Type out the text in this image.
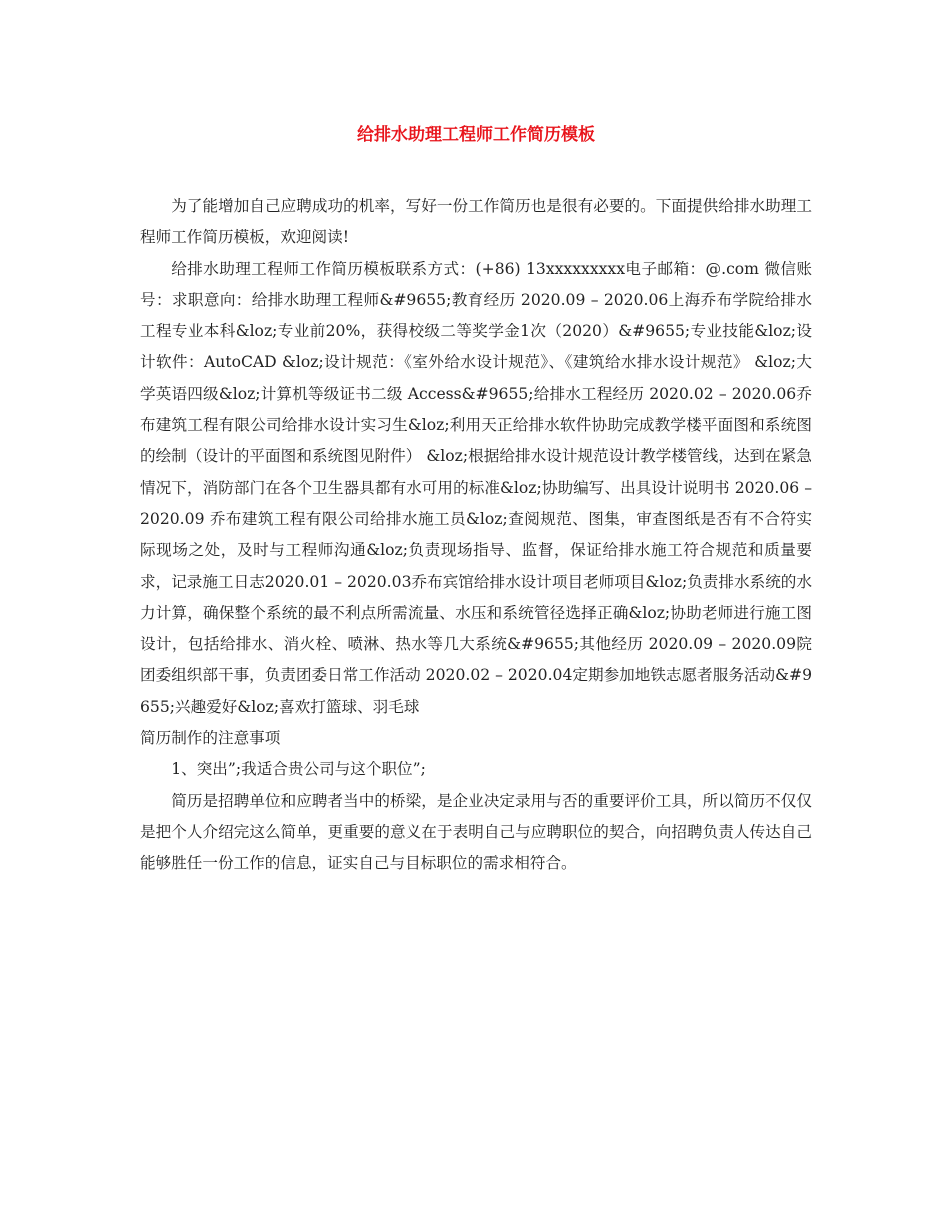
给排水助理工程师工作简历模板

为了能增加自己应聘成功的机率，写好一份工作简历也是很有必要的。下面提供给排水助理工程师工作简历模板，欢迎阅读!

给排水助理工程师工作简历模板联系方式：(+86) 13xxxxxxxxx电子邮箱：@.com 微信账号：求职意向：给排水助理工程师&#9655;教育经历 2020.09 – 2020.06上海乔布学院给排水工程专业本科&loz;专业前20%，获得校级二等奖学金1次（2020）&#9655;专业技能&loz;设计软件：AutoCAD &loz;设计规范：《室外给水设计规范》、《建筑给水排水设计规范》 &loz;大学英语四级&loz;计算机等级证书二级 Access&#9655;给排水工程经历 2020.02 – 2020.06乔布建筑工程有限公司给排水设计实习生&loz;利用天正给排水软件协助完成教学楼平面图和系统图的绘制（设计的平面图和系统图见附件） &loz;根据给排水设计规范设计教学楼管线，达到在紧急情况下，消防部门在各个卫生器具都有水可用的标准&loz;协助编写、出具设计说明书 2020.06 – 2020.09 乔布建筑工程有限公司给排水施工员&loz;查阅规范、图集，审查图纸是否有不合符实际现场之处，及时与工程师沟通&loz;负责现场指导、监督，保证给排水施工符合规范和质量要求，记录施工日志2020.01 – 2020.03乔布宾馆给排水设计项目老师项目&loz;负责排水系统的水力计算，确保整个系统的最不利点所需流量、水压和系统管径选择正确&loz;协助老师进行施工图设计，包括给排水、消火栓、喷淋、热水等几大系统&#9655;其他经历 2020.09 – 2020.09院团委组织部干事，负责团委日常工作活动 2020.02 – 2020.04定期参加地铁志愿者服务活动&#9655;兴趣爱好&loz;喜欢打篮球、羽毛球

简历制作的注意事项

1、突出”;我适合贵公司与这个职位”;

简历是招聘单位和应聘者当中的桥梁，是企业决定录用与否的重要评价工具，所以简历不仅仅是把个人介绍完这么简单，更重要的意义在于表明自己与应聘职位的契合，向招聘负责人传达自己能够胜任一份工作的信息，证实自己与目标职位的需求相符合。
